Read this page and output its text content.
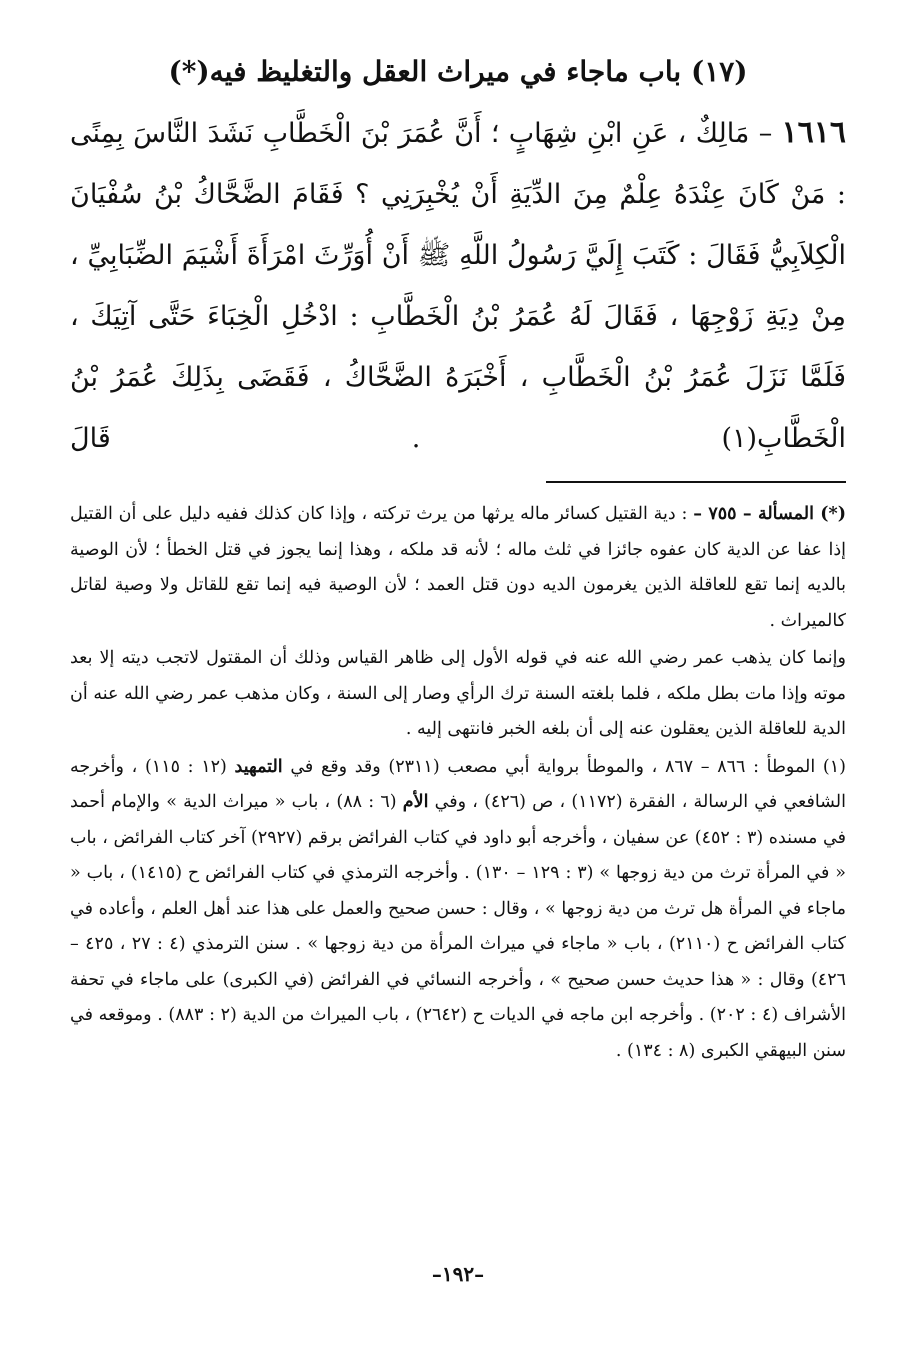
(١٧) باب ماجاء في ميراث العقل والتغليظ فيه(*)

١٦١٦ – مَالِكٌ ، عَنِ ابْنِ شِهَابٍ ؛ أَنَّ عُمَرَ بْنَ الْخَطَّابِ نَشَدَ النَّاسَ بِمِنًى : مَنْ كَانَ عِنْدَهُ عِلْمٌ مِنَ الدِّيَةِ أَنْ يُخْبِرَنِي ؟ فَقَامَ الضَّحَّاكُ بْنُ سُفْيَانَ الْكِلاَبِيُّ فَقَالَ : كَتَبَ إِلَيَّ رَسُولُ اللَّهِ ﷺ أَنْ أُوَرِّثَ امْرَأَةَ أَشْيَمَ الضِّبَابِيِّ ، مِنْ دِيَةِ زَوْجِهَا ، فَقَالَ لَهُ عُمَرُ بْنُ الْخَطَّابِ : ادْخُلِ الْخِبَاءَ حَتَّى آتِيَكَ ، فَلَمَّا نَزَلَ عُمَرُ بْنُ الْخَطَّابِ ، أَخْبَرَهُ الضَّحَّاكُ ، فَقَضَى بِذَلِكَ عُمَرُ بْنُ الْخَطَّابِ(١) . قَالَ

(*) المسألة – ٧٥٥ – : دية القتيل كسائر ماله يرثها من يرث تركته ، وإذا كان كذلك ففيه دليل على أن القتيل إذا عفا عن الدية كان عفوه جائزا في ثلث ماله ؛ لأنه قد ملكه ، وهذا إنما يجوز في قتل الخطأ ؛ لأن الوصية بالديه إنما تقع للعاقلة الذين يغرمون الديه دون قتل العمد ؛ لأن الوصية فيه إنما تقع للقاتل ولا وصية لقاتل كالميراث .

وإنما كان يذهب عمر رضي الله عنه في قوله الأول إلى ظاهر القياس وذلك أن المقتول لاتجب ديته إلا بعد موته وإذا مات بطل ملكه ، فلما بلغته السنة ترك الرأي وصار إلى السنة ، وكان مذهب عمر رضي الله عنه أن الدية للعاقلة الذين يعقلون عنه إلى أن بلغه الخبر فانتهى إليه .

(١) الموطأ : ٨٦٦ – ٨٦٧ ، والموطأ برواية أبي مصعب (٢٣١١) وقد وقع في التمهيد (١٢ : ١١٥) ، وأخرجه الشافعي في الرسالة ، الفقرة (١١٧٢) ، ص (٤٢٦) ، وفي الأم (٦ : ٨٨) ، باب « ميراث الدية » والإمام أحمد في مسنده (٣ : ٤٥٢) عن سفيان ، وأخرجه أبو داود في كتاب الفرائض برقم (٢٩٢٧) آخر كتاب الفرائض ، باب « في المرأة ترث من دية زوجها » (٣ : ١٢٩ – ١٣٠) . وأخرجه الترمذي في كتاب الفرائض ح (١٤١٥) ، باب « ماجاء في المرأة هل ترث من دية زوجها » ، وقال : حسن صحيح والعمل على هذا عند أهل العلم ، وأعاده في كتاب الفرائض ح (٢١١٠) ، باب « ماجاء في ميراث المرأة من دية زوجها » . سنن الترمذي (٤ : ٢٧ ، ٤٢٥ – ٤٢٦) وقال : « هذا حديث حسن صحيح » ، وأخرجه النسائي في الفرائض (في الكبرى) على ماجاء في تحفة الأشراف (٤ : ٢٠٢) . وأخرجه ابن ماجه في الديات ح (٢٦٤٢) ، باب الميراث من الدية (٢ : ٨٨٣) . وموقعه في سنن البيهقي الكبرى (٨ : ١٣٤) .

–١٩٢–
